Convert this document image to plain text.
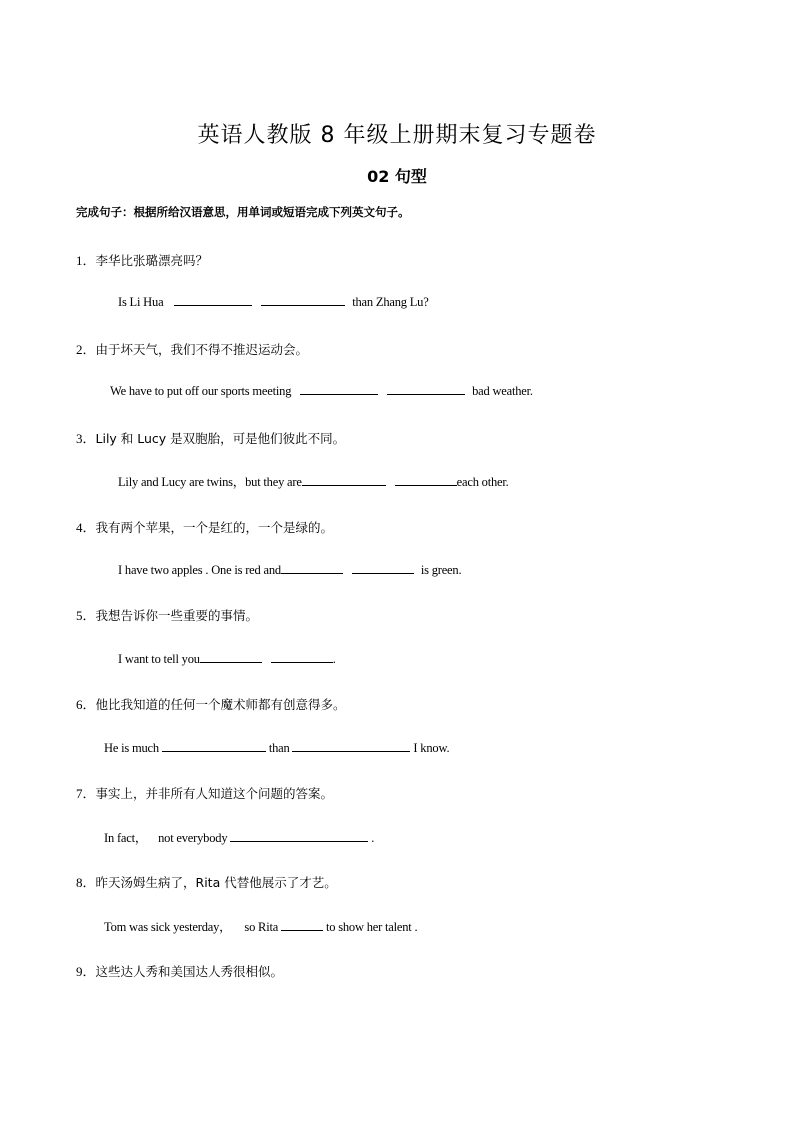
英语人教版 8 年级上册期末复习专题卷
02 句型
完成句子：根据所给汉语意思，用单词或短语完成下列英文句子。
1．李华比张璐漂亮吗？
Is Li Hua	than Zhang Lu?
2．由于坏天气，我们不得不推迟运动会。
We have to put off our sports meeting	bad weather.
3．Lily 和 Lucy 是双胞胎，可是他们彼此不同。
Lily and Lucy are twins，but they are	each other.
4．我有两个苹果，一个是红的，一个是绿的。
I have two apples . One is red and	is green.
5．我想告诉你一些重要的事情。
I want to tell you	.
6．他比我知道的任何一个魔术师都有创意得多。
He is much	than	I know.
7．事实上，并非所有人知道这个问题的答案。
In fact， not everybody	.
8．昨天汤姆生病了，Rita 代替他展示了才艺。
Tom was sick yesterday， so Rita	to show her talent .
9．这些达人秀和美国达人秀很相似。
